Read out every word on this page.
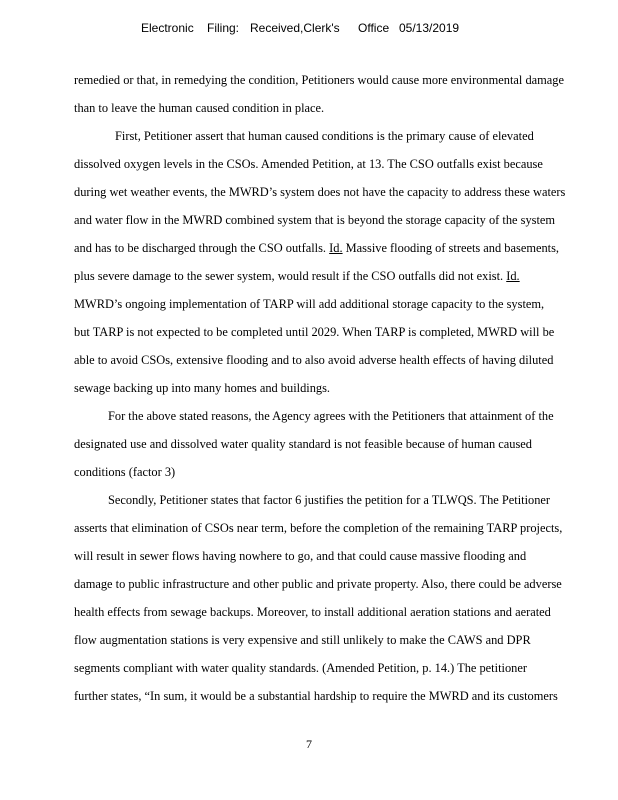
Electronic Filing: Received,Clerk's Office 05/13/2019
remedied or that, in remedying the condition, Petitioners would cause more environmental damage
than to leave the human caused condition in place.
First, Petitioner assert that human caused conditions is the primary cause of elevated
dissolved oxygen levels in the CSOs. Amended Petition, at 13. The CSO outfalls exist because
during wet weather events, the MWRD’s system does not have the capacity to address these waters
and water flow in the MWRD combined system that is beyond the storage capacity of the system
and has to be discharged through the CSO outfalls. Id. Massive flooding of streets and basements,
plus severe damage to the sewer system, would result if the CSO outfalls did not exist. Id.
MWRD’s ongoing implementation of TARP will add additional storage capacity to the system,
but TARP is not expected to be completed until 2029. When TARP is completed, MWRD will be
able to avoid CSOs, extensive flooding and to also avoid adverse health effects of having diluted
sewage backing up into many homes and buildings.
For the above stated reasons, the Agency agrees with the Petitioners that attainment of the
designated use and dissolved water quality standard is not feasible because of human caused
conditions (factor 3)
Secondly, Petitioner states that factor 6 justifies the petition for a TLWQS. The Petitioner
asserts that elimination of CSOs near term, before the completion of the remaining TARP projects,
will result in sewer flows having nowhere to go, and that could cause massive flooding and
damage to public infrastructure and other public and private property. Also, there could be adverse
health effects from sewage backups. Moreover, to install additional aeration stations and aerated
flow augmentation stations is very expensive and still unlikely to make the CAWS and DPR
segments compliant with water quality standards. (Amended Petition, p. 14.) The petitioner
further states, “In sum, it would be a substantial hardship to require the MWRD and its customers
7
